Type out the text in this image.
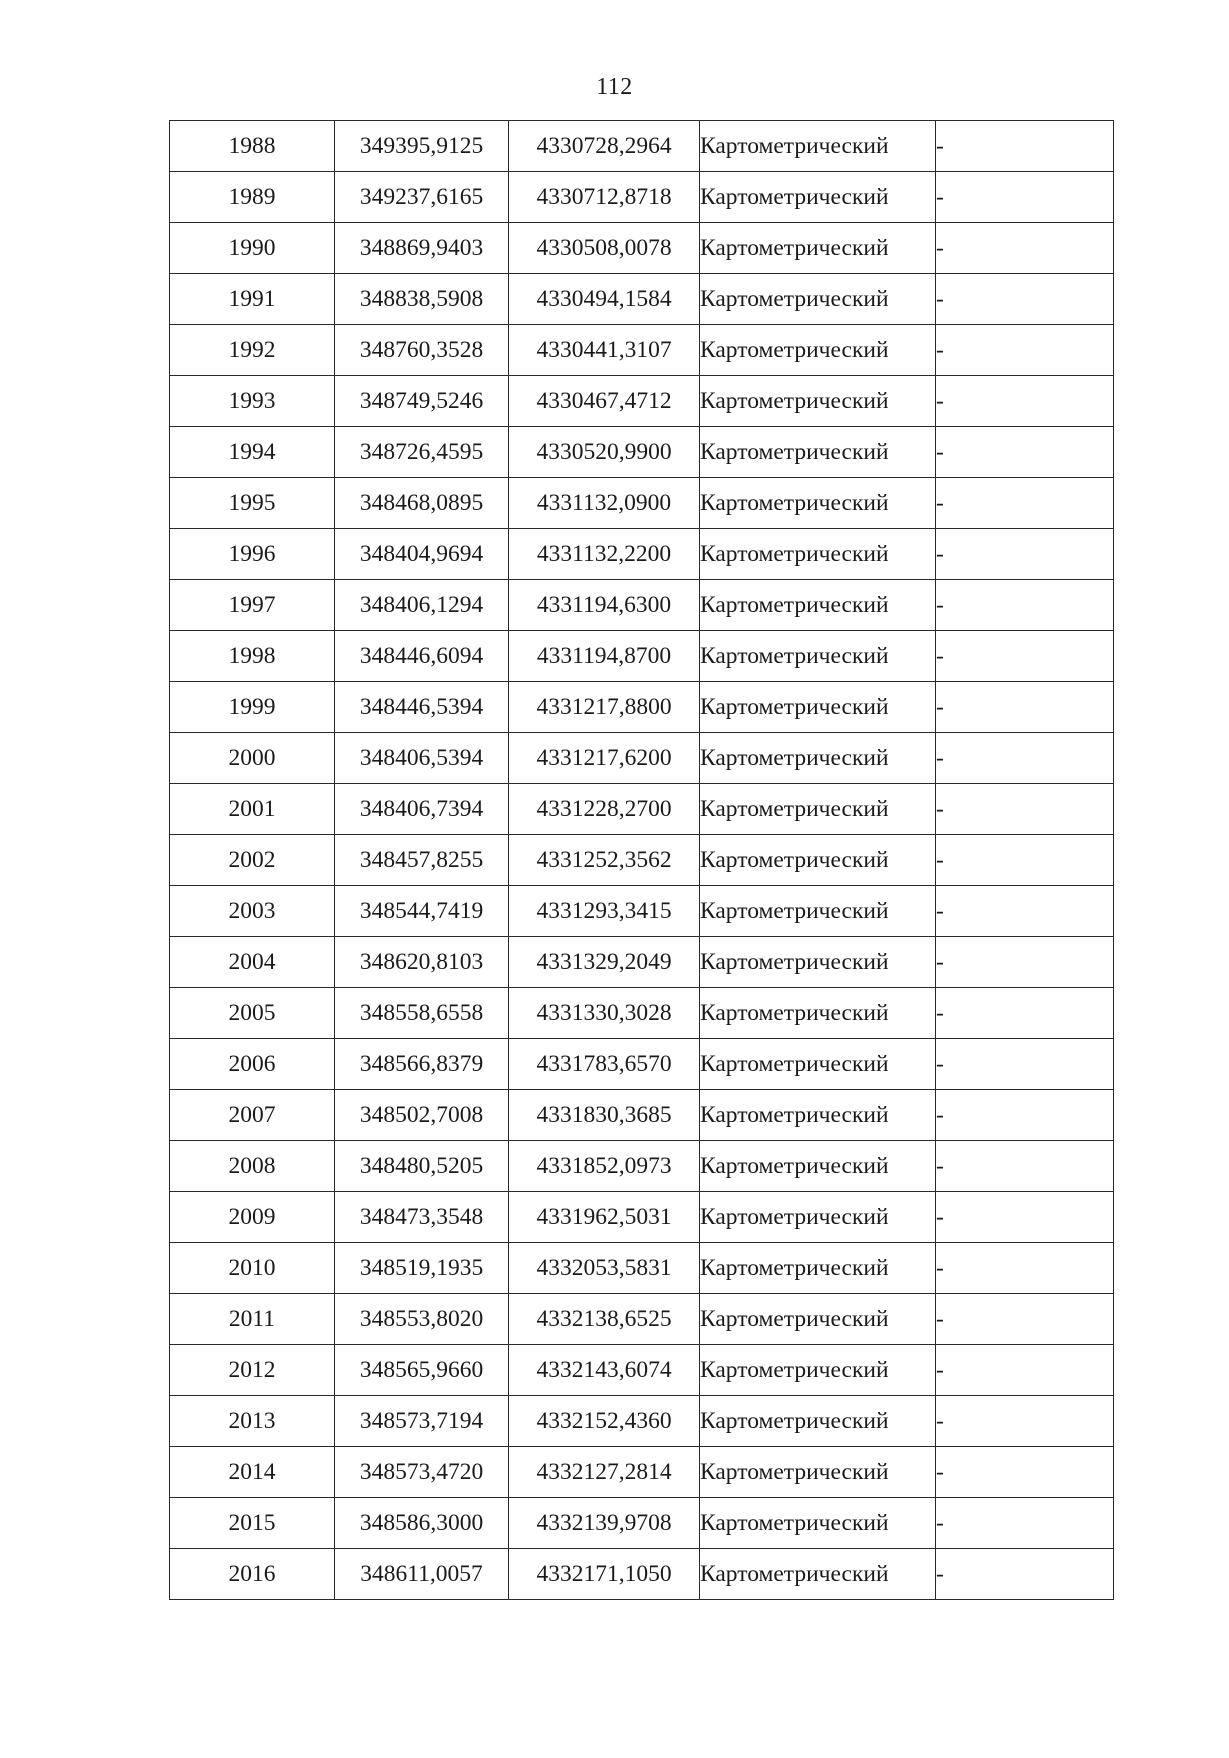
112
1988	349395,9125	4330728,2964	Картометрический	-
1989	349237,6165	4330712,8718	Картометрический	-
1990	348869,9403	4330508,0078	Картометрический	-
1991	348838,5908	4330494,1584	Картометрический	-
1992	348760,3528	4330441,3107	Картометрический	-
1993	348749,5246	4330467,4712	Картометрический	-
1994	348726,4595	4330520,9900	Картометрический	-
1995	348468,0895	4331132,0900	Картометрический	-
1996	348404,9694	4331132,2200	Картометрический	-
1997	348406,1294	4331194,6300	Картометрический	-
1998	348446,6094	4331194,8700	Картометрический	-
1999	348446,5394	4331217,8800	Картометрический	-
2000	348406,5394	4331217,6200	Картометрический	-
2001	348406,7394	4331228,2700	Картометрический	-
2002	348457,8255	4331252,3562	Картометрический	-
2003	348544,7419	4331293,3415	Картометрический	-
2004	348620,8103	4331329,2049	Картометрический	-
2005	348558,6558	4331330,3028	Картометрический	-
2006	348566,8379	4331783,6570	Картометрический	-
2007	348502,7008	4331830,3685	Картометрический	-
2008	348480,5205	4331852,0973	Картометрический	-
2009	348473,3548	4331962,5031	Картометрический	-
2010	348519,1935	4332053,5831	Картометрический	-
2011	348553,8020	4332138,6525	Картометрический	-
2012	348565,9660	4332143,6074	Картометрический	-
2013	348573,7194	4332152,4360	Картометрический	-
2014	348573,4720	4332127,2814	Картометрический	-
2015	348586,3000	4332139,9708	Картометрический	-
2016	348611,0057	4332171,1050	Картометрический	-
